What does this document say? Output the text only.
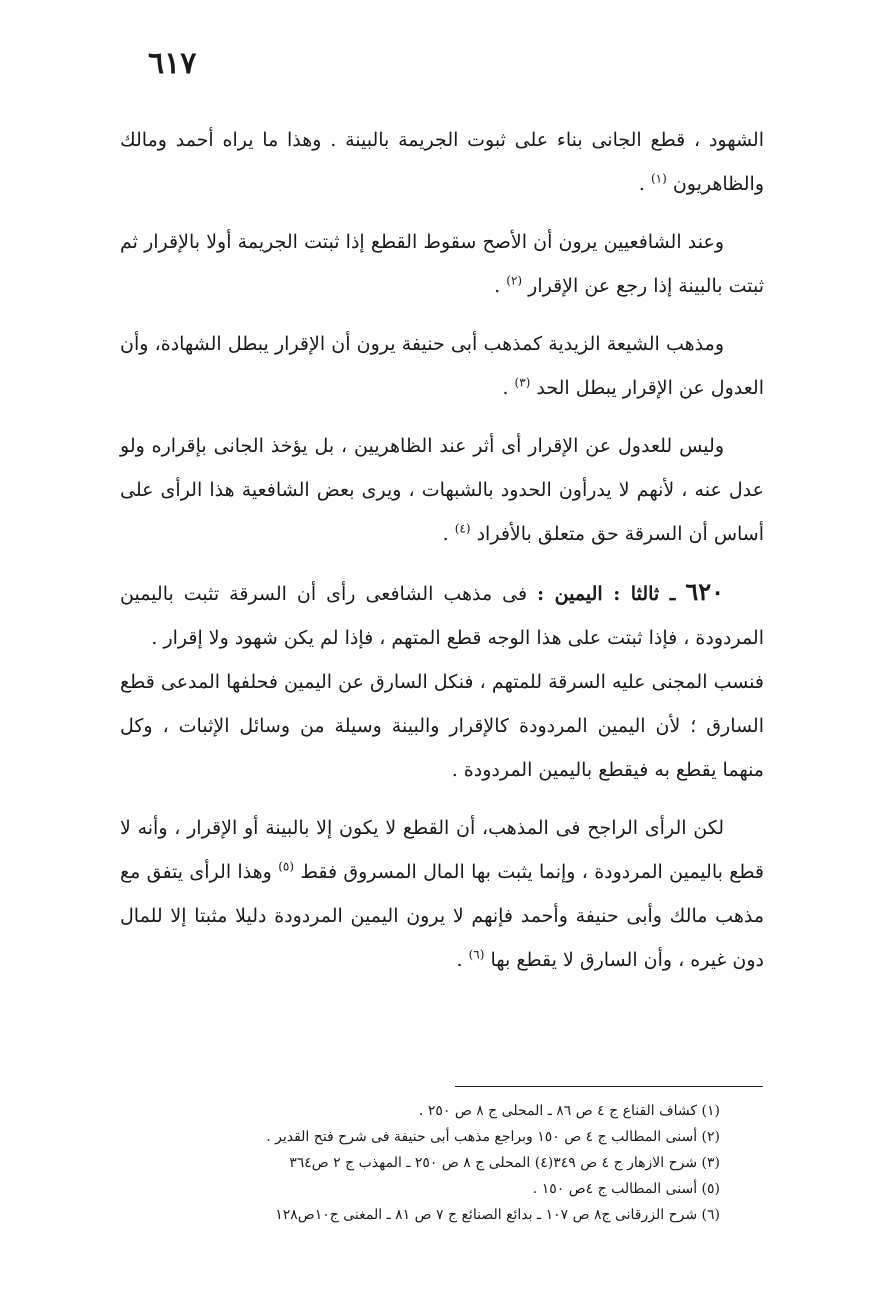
٦١٧

الشهود ، قطع الجانى بناء على ثبوت الجريمة بالبينة . وهذا ما يراه أحمد ومالك والظاهريون $^{(١)}$ .

وعند الشافعيين يرون أن الأصح سقوط القطع إذا ثبتت الجريمة أولا بالإقرار ثم ثبتت بالبينة إذا رجع عن الإقرار $^{(٢)}$ .

ومذهب الشيعة الزيدية كمذهب أبى حنيفة يرون أن الإقرار يبطل الشهادة، وأن العدول عن الإقرار يبطل الحد $^{(٣)}$ .

وليس للعدول عن الإقرار أى أثر عند الظاهريين ، بل يؤخذ الجانى بإقراره ولو عدل عنه ، لأنهم لا يدرأون الحدود بالشبهات ، ويرى بعض الشافعية هذا الرأى على أساس أن السرقة حق متعلق بالأفراد $^{(٤)}$ .

٦٢٠ ـ ثالثا : اليمين : فى مذهب الشافعى رأى أن السرقة تثبت باليمين المردودة ، فإذا ثبتت على هذا الوجه قطع المتهم ، فإذا لم يكن شهود ولا إقرار .

فنسب المجنى عليه السرقة للمتهم ، فنكل السارق عن اليمين فحلفها المدعى قطع السارق ؛ لأن اليمين المردودة كالإقرار والبينة وسيلة من وسائل الإثبات ، وكل منهما يقطع به فيقطع باليمين المردودة .

لكن الرأى الراجح فى المذهب، أن القطع لا يكون إلا بالبينة أو الإقرار ، وأنه لا قطع باليمين المردودة ، وإنما يثبت بها المال المسروق فقط $^{(٥)}$ وهذا الرأى يتفق مع مذهب مالك وأبى حنيفة وأحمد فإنهم لا يرون اليمين المردودة دليلا مثبتا إلا للمال دون غيره ، وأن السارق لا يقطع بها $^{(٦)}$ .

(١) كشاف القناع ج ٤ ص ٨٦ ـ المحلى ج ٨ ص ٢٥٠ .

(٢) أسنى المطالب ج ٤ ص ١٥٠ وبراجع مذهب أبى حنيفة فى شرح فتح القدير .

(٣) شرح الازهار ج ٤ ص ٣٤٩(٤) المحلى ج ٨ ص ٢٥٠ ـ المهذب ج ٢ ص٣٦٤

(٥) أسنى المطالب ج ٤ص ١٥٠ .

(٦) شرح الزرقانى ج٨ ص ١٠٧ ـ بدائع الصنائع ج ٧ ص ٨١ ـ المغنى ج١٠ص١٢٨
